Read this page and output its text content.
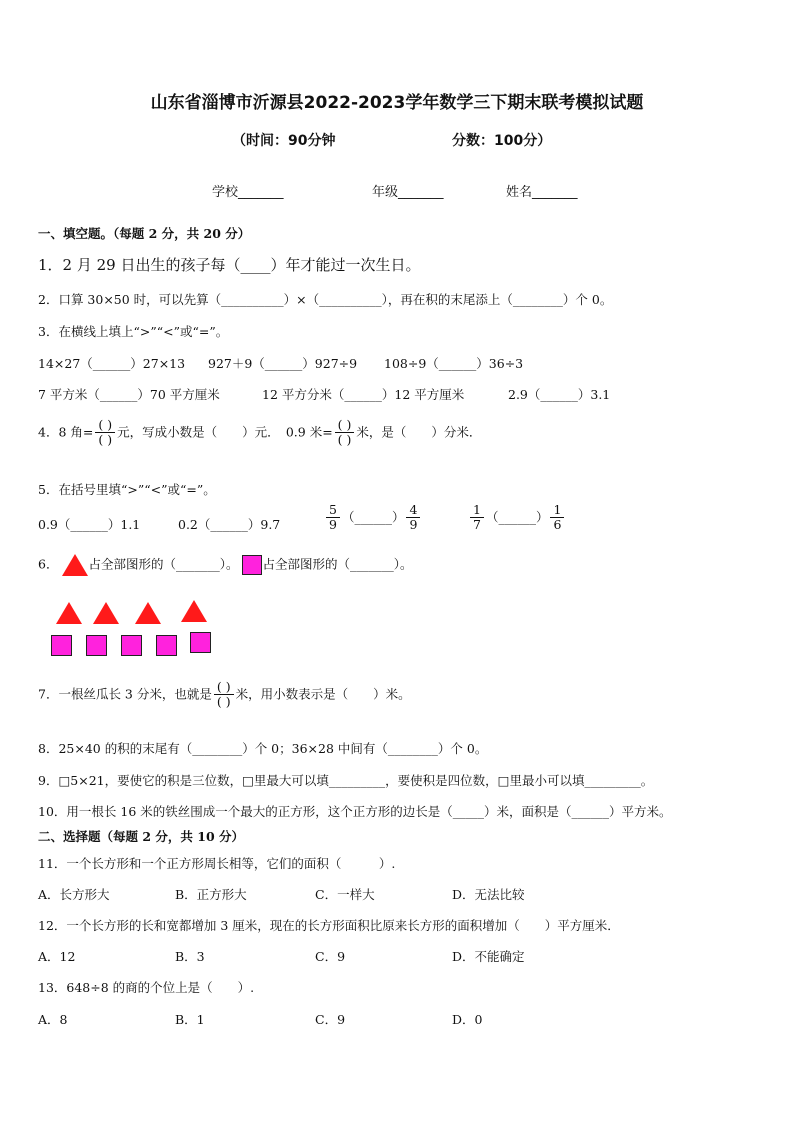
山东省淄博市沂源县2022-2023学年数学三下期末联考模拟试题
（时间：90分钟	分数：100分）
学校_______	年级_______	姓名_______
一、填空题。（每题 2 分，共 20 分）
1．2 月 29 日出生的孩子每（____）年才能过一次生日。
2．口算 30×50 时，可以先算（__________）×（__________），再在积的末尾添上（________）个 0。
3．在横线上填上“>”“<”或“=”。
14×27（______）27×13 927＋9（______）927÷9 108÷9（______）36÷3
7 平方米（______）70 平方厘米	12 平方分米（______）12 平方厘米	2.9（______）3.1
4．8 角= $\frac{( )}{( )}$ 元，写成小数是（　　）元．　0.9 米= $\frac{( )}{( )}$ 米，是（　　）分米．
5．在括号里填“>”“<”或“=”。
0.9（______）1.1	0.2（______）9.7	$\frac{5}{9}$ （______） $\frac{4}{9}$	$\frac{1}{7}$ （______） $\frac{1}{6}$
6． 占全部图形的（_______）。 占全部图形的（_______）。
7．一根丝瓜长 3 分米，也就是 $\frac{( )}{( )}$ 米，用小数表示是（　　）米。
8．25×40 的积的末尾有（________）个 0；36×28 中间有（________）个 0。
9．□5×21，要使它的积是三位数，□里最大可以填_________，要使积是四位数，□里最小可以填_________。
10．用一根长 16 米的铁丝围成一个最大的正方形，这个正方形的边长是（_____）米，面积是（______）平方米。
二、选择题（每题 2 分，共 10 分）
11．一个长方形和一个正方形周长相等，它们的面积（　　　）.
A．长方形大	B．正方形大	C．一样大	D．无法比较
12．一个长方形的长和宽都增加 3 厘米，现在的长方形面积比原来长方形的面积增加（　　）平方厘米．
A．12	B．3	C．9	D．不能确定
13．648÷8 的商的个位上是（　　）.
A．8	B．1	C．9	D．0
